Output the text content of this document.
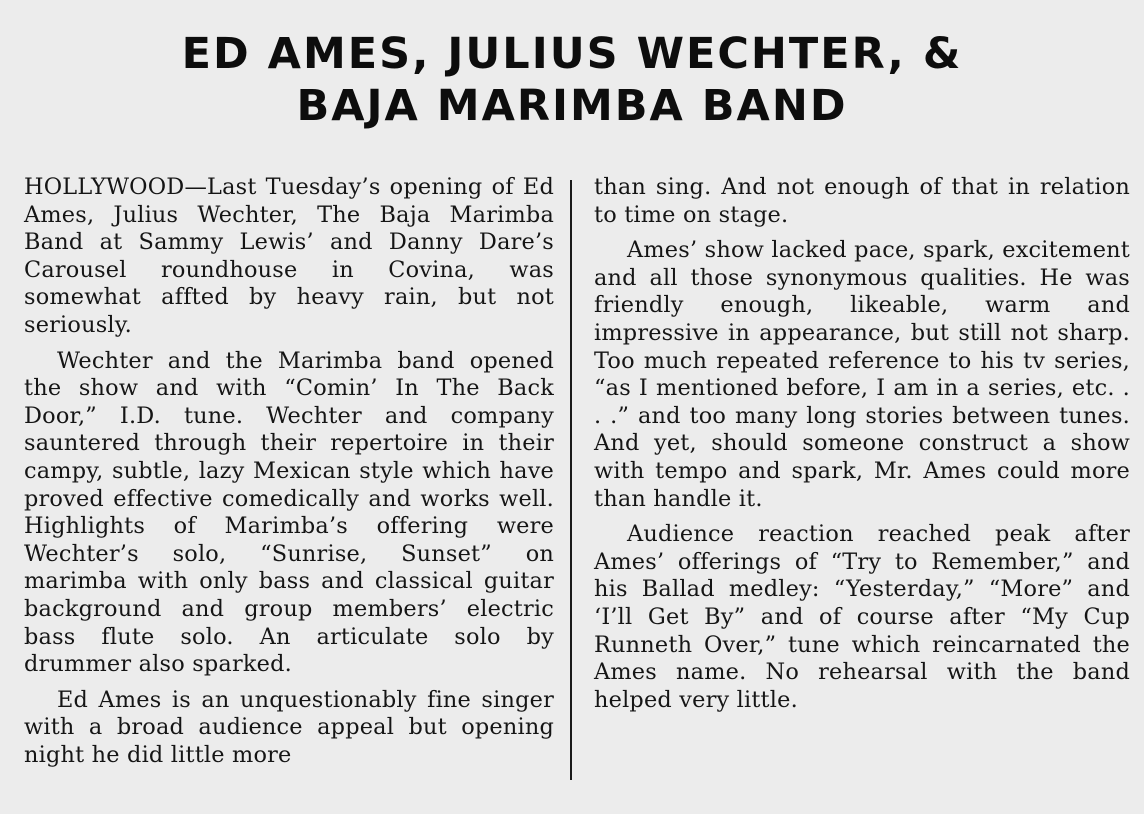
ED AMES, JULIUS WECHTER, &
BAJA MARIMBA BAND

HOLLYWOOD—Last Tuesday’s opening of Ed Ames, Julius Wechter, The Baja Marimba Band at Sammy Lewis’ and Danny Dare’s Carousel roundhouse in Covina, was somewhat affted by heavy rain, but not seriously.

Wechter and the Marimba band opened the show and with “Comin’ In The Back Door,” I.D. tune. Wechter and company sauntered through their repertoire in their campy, subtle, lazy Mexican style which have proved effective comedically and works well. Highlights of Marimba’s offering were Wechter’s solo, “Sunrise, Sunset” on marimba with only bass and classical guitar background and group members’ electric bass flute solo. An articulate solo by drummer also sparked.

Ed Ames is an unquestionably fine singer with a broad audience appeal but opening night he did little more

than sing. And not enough of that in relation to time on stage.

Ames’ show lacked pace, spark, excitement and all those synonymous qualities. He was friendly enough, likeable, warm and impressive in appearance, but still not sharp. Too much repeated reference to his tv series, “as I mentioned before, I am in a series, etc. . . .” and too many long stories between tunes. And yet, should someone construct a show with tempo and spark, Mr. Ames could more than handle it.

Audience reaction reached peak after Ames’ offerings of “Try to Remember,” and his Ballad medley: “Yesterday,” “More” and ‘I’ll Get By” and of course after “My Cup Runneth Over,” tune which reincarnated the Ames name. No rehearsal with the band helped very little.
